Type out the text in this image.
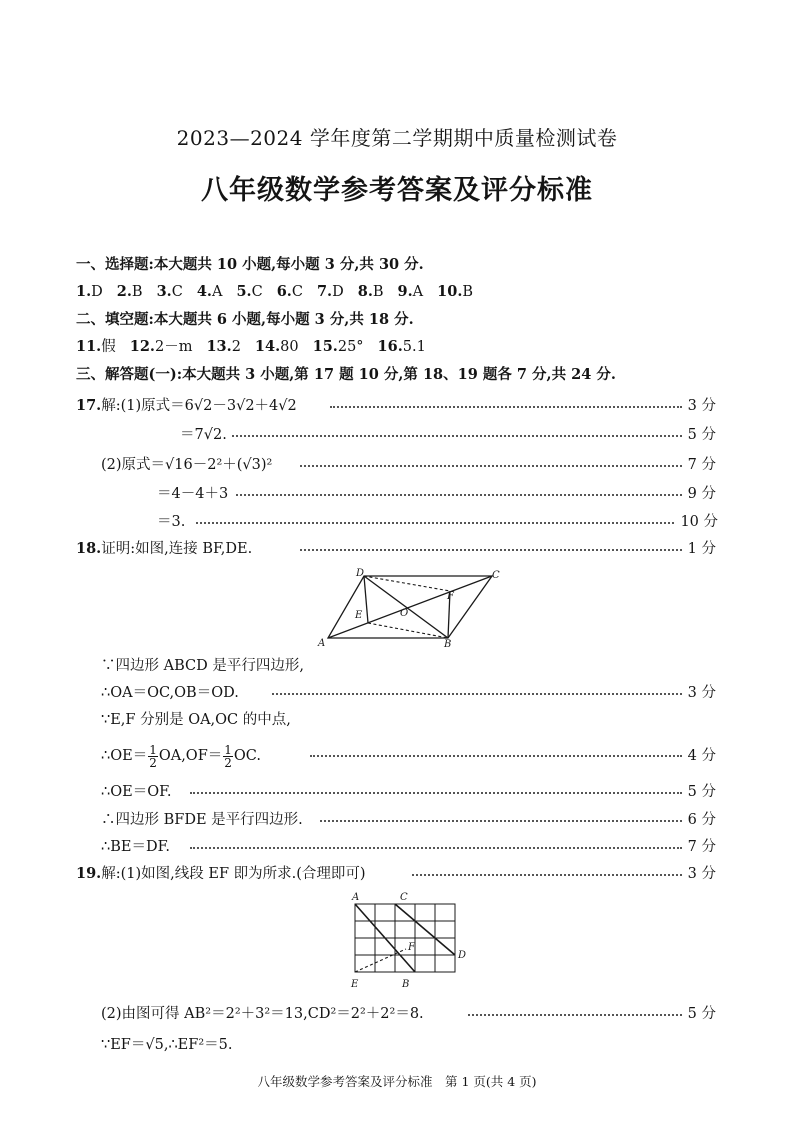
2023—2024 学年度第二学期期中质量检测试卷
八年级数学参考答案及评分标准
一、选择题:本大题共 10 小题,每小题 3 分,共 30 分.
1.D 2.B 3.C 4.A 5.C 6.C 7.D 8.B 9.A 10.B
二、填空题:本大题共 6 小题,每小题 3 分,共 18 分.
11.假 12.2－m 13.2 14.80 15.25° 16.5.1
三、解答题(一):本大题共 3 小题,第 17 题 10 分,第 18、19 题各 7 分,共 24 分.
17.解:(1)原式＝6√2－3√2＋4√2	3 分
＝7√2.	5 分
(2)原式＝√16－2²＋(√3)²	7 分
＝4－4＋3	9 分
＝3.	10 分
18.证明:如图,连接 BF,DE.	1 分
A	B
C
D
E
F
O
∵四边形 ABCD 是平行四边形,
∴OA＝OC,OB＝OD.	3 分
∵E,F 分别是 OA,OC 的中点,
∴OE＝ $\frac{1}{2} OA,OF= \frac{1}{2}$ OC.	4 分
∴OE＝OF.	5 分
∴四边形 BFDE 是平行四边形.	6 分
∴BE＝DF.	7 分
19.解:(1)如图,线段 EF 即为所求.(合理即可)	3 分
A	C
D
F
E	B
(2)由图可得 AB²＝2²＋3²＝13,CD²＝2²＋2²＝8.	5 分
∵EF＝√5,∴EF²＝5.
八年级数学参考答案及评分标准　第 1 页(共 4 页)
